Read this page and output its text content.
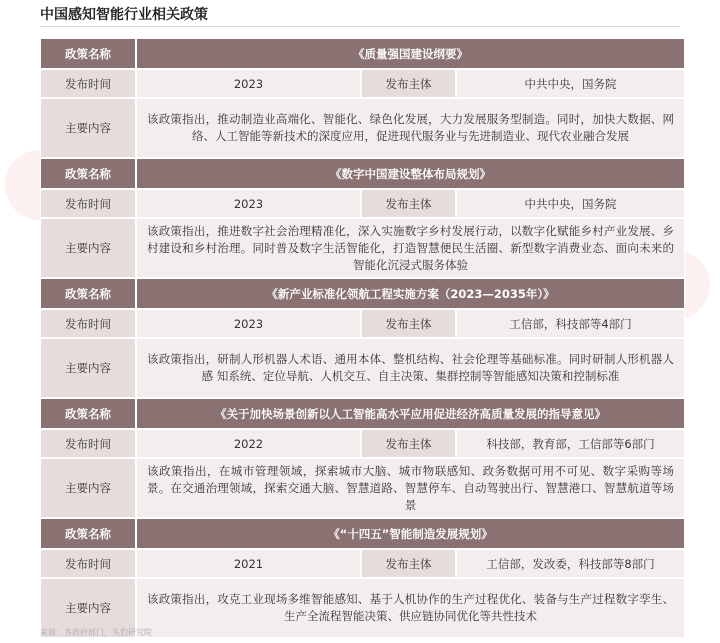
中国感知智能行业相关政策
政策名称	《质量强国建设纲要》		
发布时间	2023	发布主体	中共中央，国务院
主要内容	该政策指出，推动制造业高端化、智能化、绿色化发展，大力发展服务型制造。同时，加快大数据、网络、人工智能等新技术的深度应用，促进现代服务业与先进制造业、现代农业融合发展		
政策名称	《数字中国建设整体布局规划》		
发布时间	2023	发布主体	中共中央，国务院
主要内容	该政策指出，推进数字社会治理精准化，深入实施数字乡村发展行动，以数字化赋能乡村产业发展、乡村建设和乡村治理。同时普及数字生活智能化，打造智慧便民生活圈、新型数字消费业态、面向未来的智能化沉浸式服务体验		
政策名称	《新产业标准化领航工程实施方案（2023—2035年）》		
发布时间	2023	发布主体	工信部，科技部等4部门
主要内容	该政策指出，研制人形机器人术语、通用本体、整机结构、社会伦理等基础标准。同时研制人形机器人感 知系统、定位导航、人机交互、自主决策、集群控制等智能感知决策和控制标准		
政策名称	《关于加快场景创新以人工智能高水平应用促进经济高质量发展的指导意见》		
发布时间	2022	发布主体	科技部，教育部，工信部等6部门
主要内容	该政策指出，在城市管理领域，探索城市大脑、城市物联感知、政务数据可用不可见、数字采购等场景。在交通治理领域，探索交通大脑、智慧道路、智慧停车、自动驾驶出行、智慧港口、智慧航道等场景		
政策名称	《“十四五”智能制造发展规划》		
发布时间	2021	发布主体	工信部，发改委，科技部等8部门
主要内容	该政策指出，攻克工业现场多维智能感知、基于人机协作的生产过程优化、装备与生产过程数字孪生、生产全流程智能决策、供应链协同优化等共性技术		
来源：各政府部门，头豹研究院
